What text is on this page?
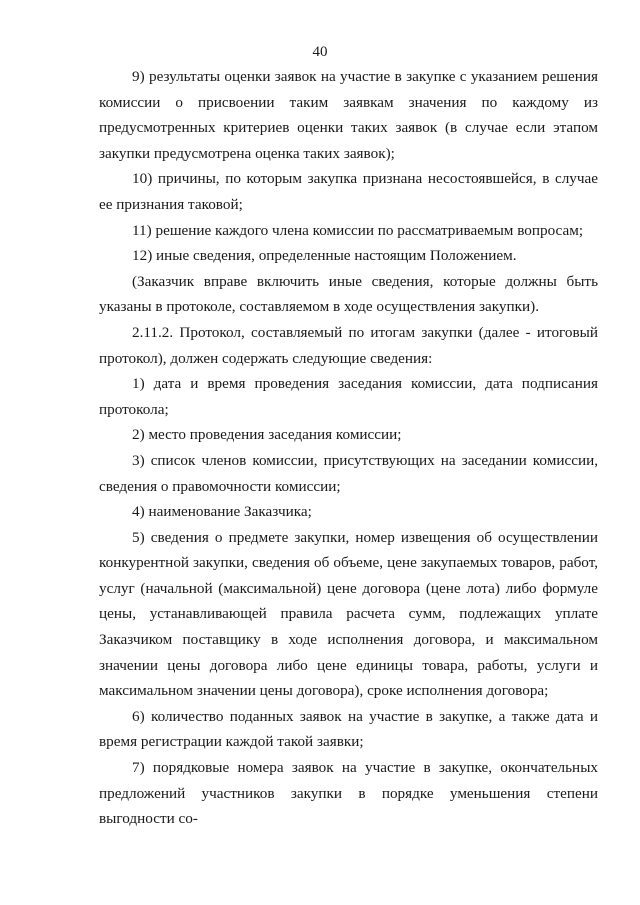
40

9) результаты оценки заявок на участие в закупке с указанием решения комиссии о присвоении таким заявкам значения по каждому из предусмотренных критериев оценки таких заявок (в случае если этапом закупки предусмотрена оценка таких заявок);

10) причины, по которым закупка признана несостоявшейся, в случае ее признания таковой;

11) решение каждого члена комиссии по рассматриваемым вопросам;

12) иные сведения, определенные настоящим Положением.

(Заказчик вправе включить иные сведения, которые должны быть указаны в протоколе, составляемом в ходе осуществления закупки).

2.11.2. Протокол, составляемый по итогам закупки (далее - итоговый протокол), должен содержать следующие сведения:

1) дата и время проведения заседания комиссии, дата подписания протокола;

2) место проведения заседания комиссии;

3) список членов комиссии, присутствующих на заседании комиссии, сведения о правомочности комиссии;

4) наименование Заказчика;

5) сведения о предмете закупки, номер извещения об осуществлении конкурентной закупки, сведения об объеме, цене закупаемых товаров, работ, услуг (начальной (максимальной) цене договора (цене лота) либо формуле цены, устанавливающей правила расчета сумм, подлежащих уплате Заказчиком поставщику в ходе исполнения договора, и максимальном значении цены договора либо цене единицы товара, работы, услуги и максимальном значении цены договора), сроке исполнения договора;

6) количество поданных заявок на участие в закупке, а также дата и время регистрации каждой такой заявки;

7) порядковые номера заявок на участие в закупке, окончательных предложений участников закупки в порядке уменьшения степени выгодности со-
